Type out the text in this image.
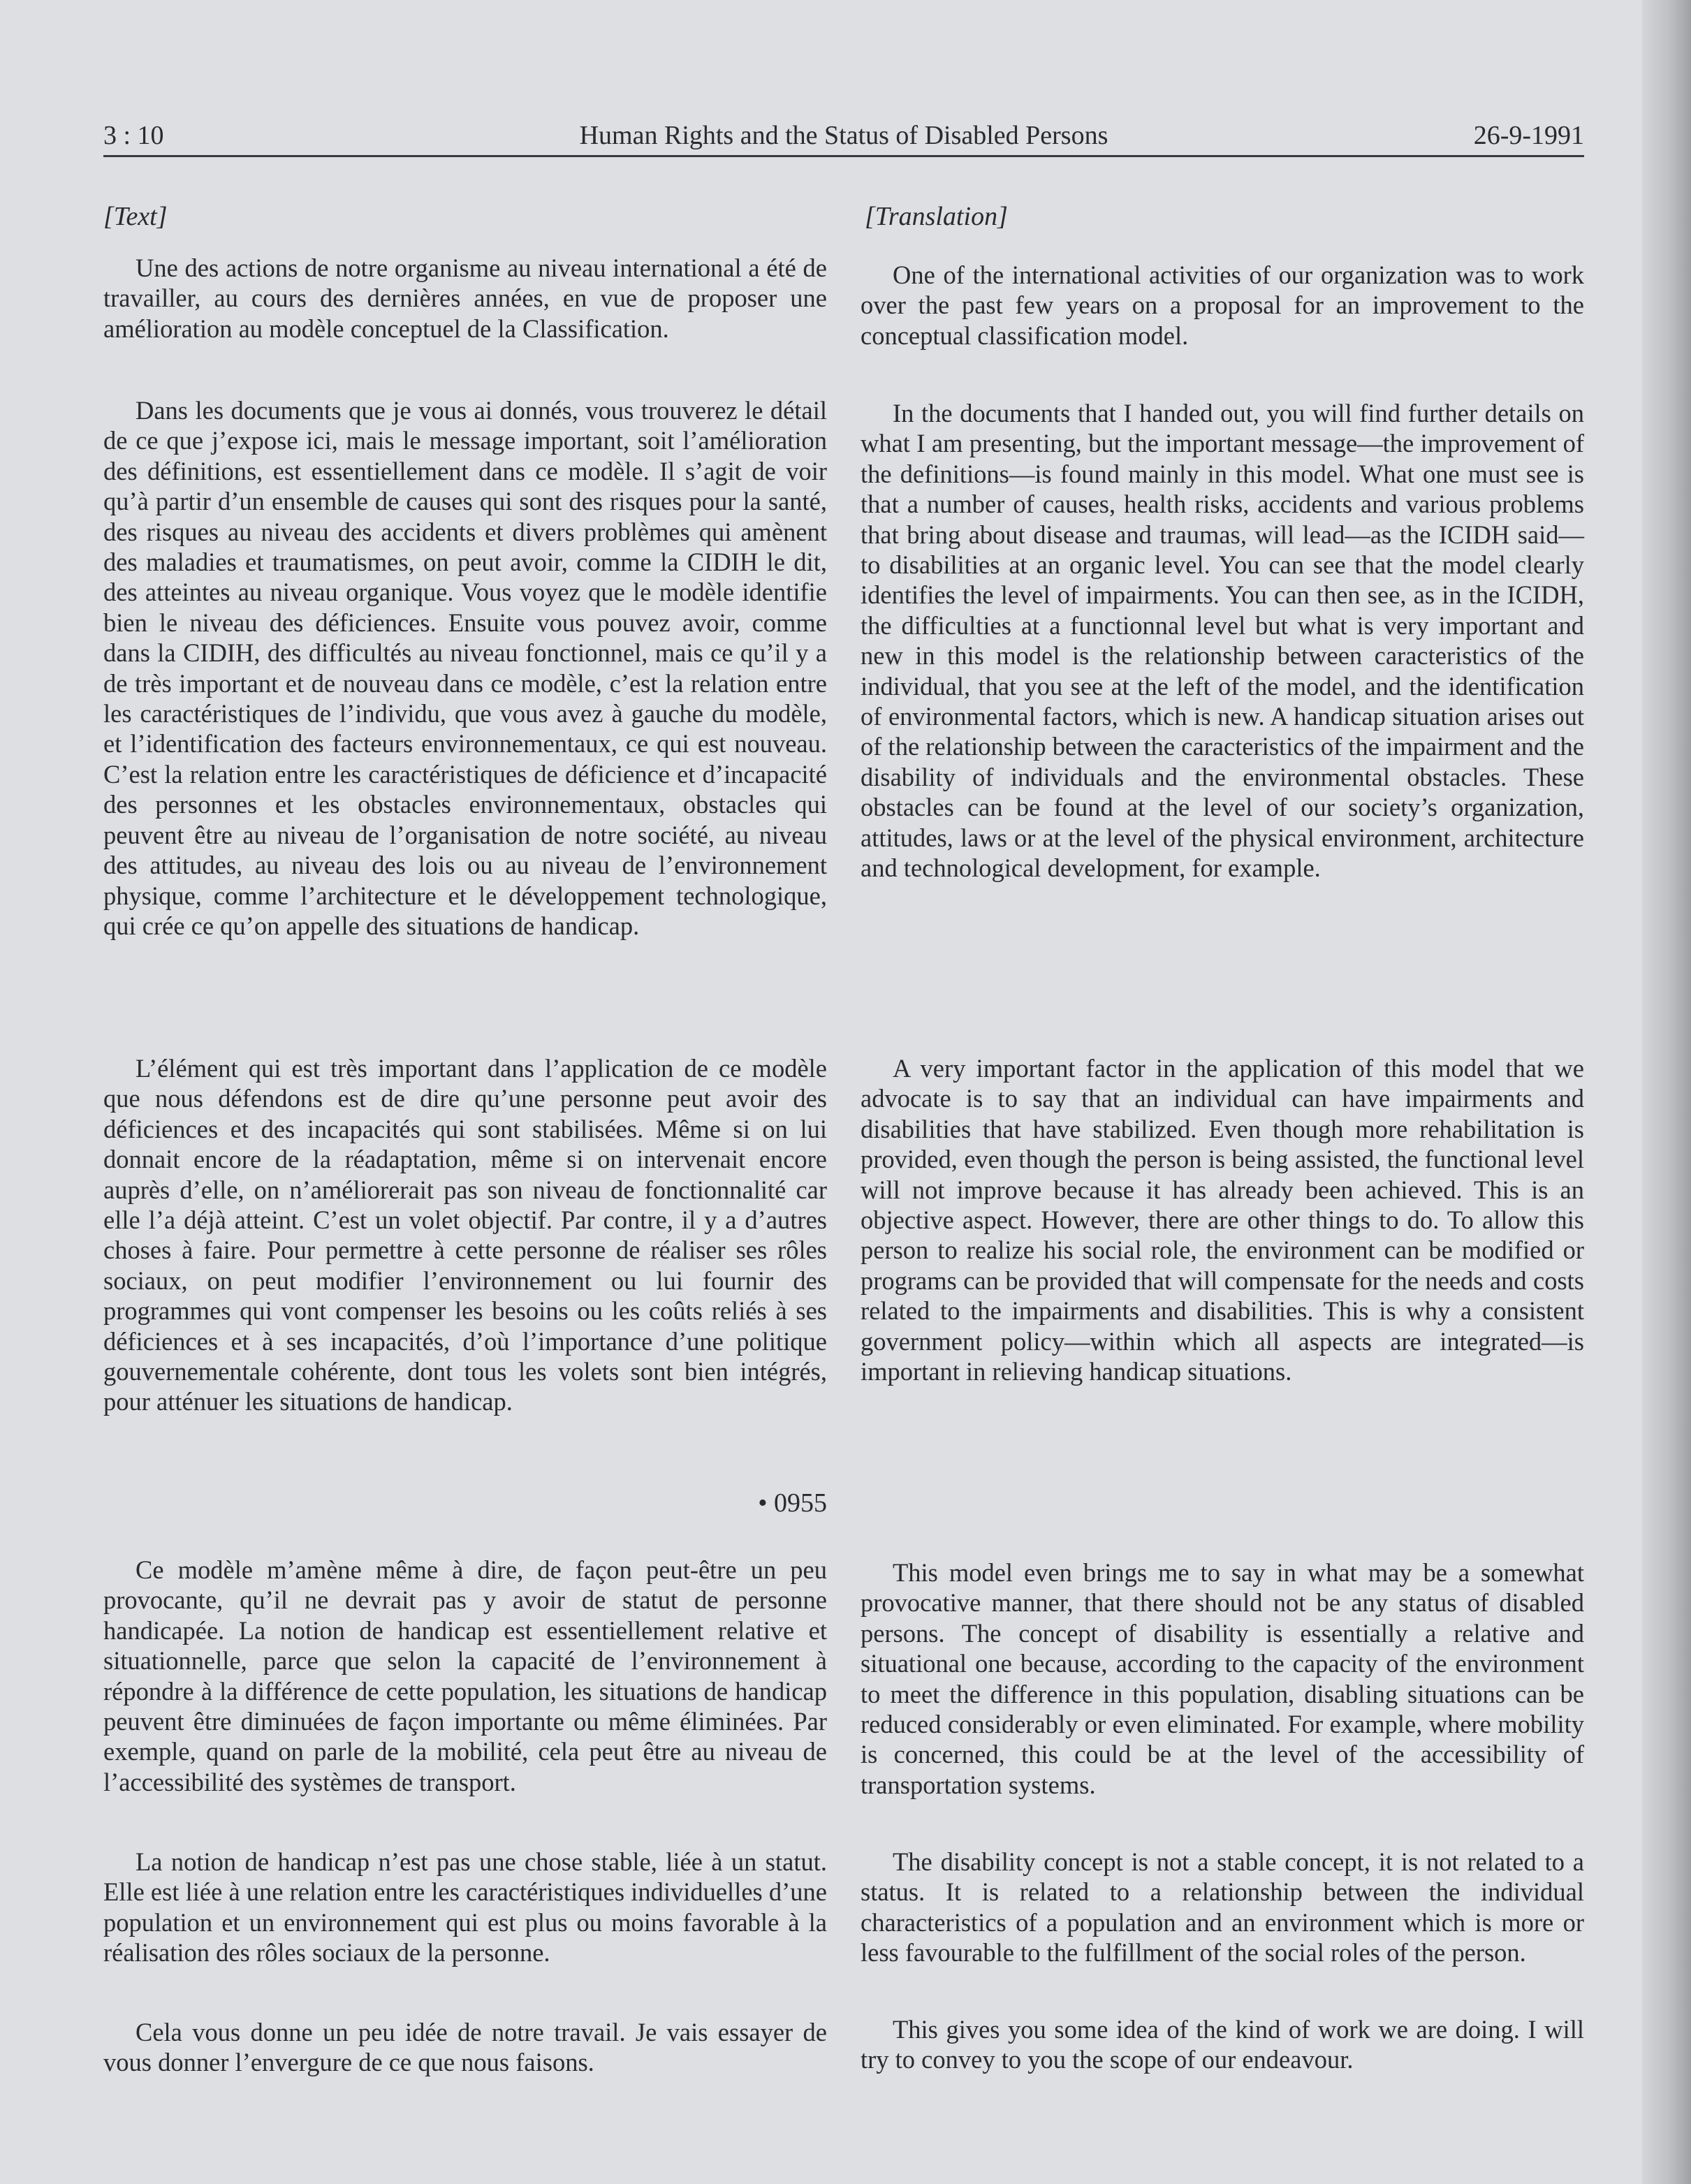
3 : 10	Human Rights and the Status of Disabled Persons	26-9-1991
[Text]	[Translation]

Une des actions de notre organisme au niveau international a été de travailler, au cours des dernières années, en vue de proposer une amélioration au modèle conceptuel de la Classification.

Dans les documents que je vous ai donnés, vous trouverez le détail de ce que j’expose ici, mais le message important, soit l’amélioration des définitions, est essentiellement dans ce modèle. Il s’agit de voir qu’à partir d’un ensemble de causes qui sont des risques pour la santé, des risques au niveau des accidents et divers problèmes qui amènent des maladies et traumatismes, on peut avoir, comme la CIDIH le dit, des atteintes au niveau organique. Vous voyez que le modèle identifie bien le niveau des déficiences. Ensuite vous pouvez avoir, comme dans la CIDIH, des difficultés au niveau fonctionnel, mais ce qu’il y a de très important et de nouveau dans ce modèle, c’est la relation entre les caractéristiques de l’individu, que vous avez à gauche du modèle, et l’identification des facteurs environnementaux, ce qui est nouveau. C’est la relation entre les caractéristiques de déficience et d’incapacité des personnes et les obstacles environnementaux, obstacles qui peuvent être au niveau de l’organisation de notre société, au niveau des attitudes, au niveau des lois ou au niveau de l’environnement physique, comme l’architecture et le développement technologique, qui crée ce qu’on appelle des situations de handicap.

L’élément qui est très important dans l’application de ce modèle que nous défendons est de dire qu’une personne peut avoir des déficiences et des incapacités qui sont stabilisées. Même si on lui donnait encore de la réadaptation, même si on intervenait encore auprès d’elle, on n’améliorerait pas son niveau de fonctionnalité car elle l’a déjà atteint. C’est un volet objectif. Par contre, il y a d’autres choses à faire. Pour permettre à cette personne de réaliser ses rôles sociaux, on peut modifier l’environnement ou lui fournir des programmes qui vont compenser les besoins ou les coûts reliés à ses déficiences et à ses incapacités, d’où l’importance d’une politique gouvernementale cohérente, dont tous les volets sont bien intégrés, pour atténuer les situations de handicap.

• 0955

Ce modèle m’amène même à dire, de façon peut-être un peu provocante, qu’il ne devrait pas y avoir de statut de personne handicapée. La notion de handicap est essentiellement relative et situationnelle, parce que selon la capacité de l’environnement à répondre à la différence de cette population, les situations de handicap peuvent être diminuées de façon importante ou même éliminées. Par exemple, quand on parle de la mobilité, cela peut être au niveau de l’accessibilité des systèmes de transport.

La notion de handicap n’est pas une chose stable, liée à un statut. Elle est liée à une relation entre les caractéristiques individuelles d’une population et un environnement qui est plus ou moins favorable à la réalisation des rôles sociaux de la personne.

Cela vous donne un peu idée de notre travail. Je vais essayer de vous donner l’envergure de ce que nous faisons.

One of the international activities of our organization was to work over the past few years on a proposal for an improvement to the conceptual classification model.

In the documents that I handed out, you will find further details on what I am presenting, but the important message—the improvement of the definitions—is found mainly in this model. What one must see is that a number of causes, health risks, accidents and various problems that bring about disease and traumas, will lead—as the ICIDH said—to disabilities at an organic level. You can see that the model clearly identifies the level of impairments. You can then see, as in the ICIDH, the difficulties at a functionnal level but what is very important and new in this model is the relationship between caracteristics of the individual, that you see at the left of the model, and the identification of environmental factors, which is new. A handicap situation arises out of the relationship between the caracteristics of the impairment and the disability of individuals and the environmental obstacles. These obstacles can be found at the level of our society’s organization, attitudes, laws or at the level of the physical environment, architecture and technological development, for example.

A very important factor in the application of this model that we advocate is to say that an individual can have impairments and disabilities that have stabilized. Even though more rehabilitation is provided, even though the person is being assisted, the functional level will not improve because it has already been achieved. This is an objective aspect. However, there are other things to do. To allow this person to realize his social role, the environment can be modified or programs can be provided that will compensate for the needs and costs related to the impairments and disabilities. This is why a consistent government policy—within which all aspects are integrated—is important in relieving handicap situations.

This model even brings me to say in what may be a somewhat provocative manner, that there should not be any status of disabled persons. The concept of disability is essentially a relative and situational one because, according to the capacity of the environment to meet the difference in this population, disabling situations can be reduced considerably or even eliminated. For example, where mobility is concerned, this could be at the level of the accessibility of transportation systems.

The disability concept is not a stable concept, it is not related to a status. It is related to a relationship between the individual characteristics of a population and an environment which is more or less favourable to the fulfillment of the social roles of the person.

This gives you some idea of the kind of work we are doing. I will try to convey to you the scope of our endeavour.
